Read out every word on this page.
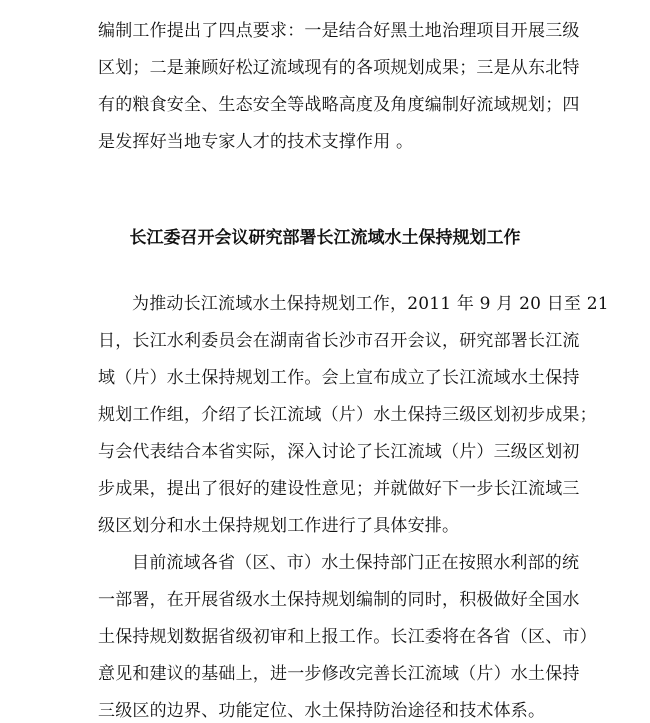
编制工作提出了四点要求：一是结合好黑土地治理项目开展三级
区划；二是兼顾好松辽流域现有的各项规划成果；三是从东北特
有的粮食安全、生态安全等战略高度及角度编制好流域规划；四
是发挥好当地专家人才的技术支撑作用 。
长江委召开会议研究部署长江流域水土保持规划工作
为推动长江流域水土保持规划工作，2011 年 9 月 20 日至 21
日，长江水利委员会在湖南省长沙市召开会议，研究部署长江流
域（片）水土保持规划工作。会上宣布成立了长江流域水土保持
规划工作组，介绍了长江流域（片）水土保持三级区划初步成果；
与会代表结合本省实际，深入讨论了长江流域（片）三级区划初
步成果，提出了很好的建设性意见；并就做好下一步长江流域三
级区划分和水土保持规划工作进行了具体安排。
目前流域各省（区、市）水土保持部门正在按照水利部的统
一部署，在开展省级水土保持规划编制的同时，积极做好全国水
土保持规划数据省级初审和上报工作。长江委将在各省（区、市）
意见和建议的基础上，进一步修改完善长江流域（片）水土保持
三级区的边界、功能定位、水土保持防治途径和技术体系。
